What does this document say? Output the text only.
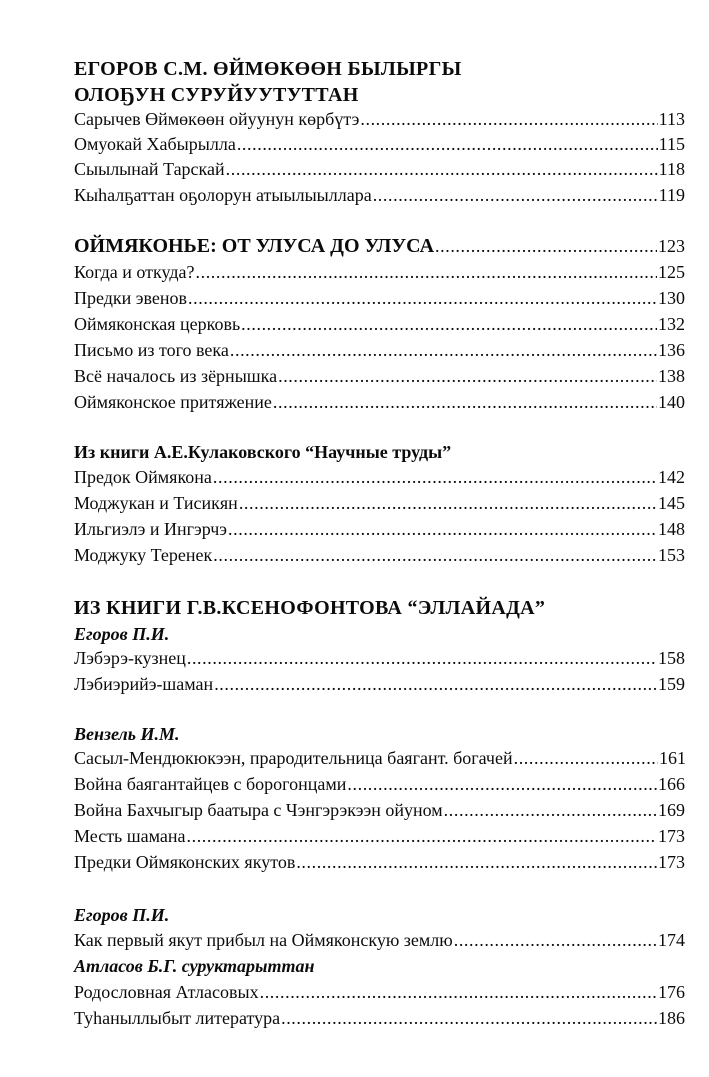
ЕГОРОВ С.М. ӨЙМӨКӨӨН БЫЛЫРГЫ
ОЛОҔУН СУРУЙУУТУТТАН
Сарычев Өймөкөөн ойуунун көрбүтэ .....	113
Омуокай Хабырылла .....	115
Сыылынай Тарскай .....	118
Кыhалҕаттан оҕолорун атыылыыллара .....	119
ОЙМЯКОНЬЕ: ОТ УЛУСА ДО УЛУСА .....	123
Когда и откуда? .....	125
Предки эвенов .....	130
Оймяконская церковь .....	132
Письмо из того века .....	136
Всё началось из зёрнышка .....	138
Оймяконское притяжение .....	140
Из книги А.Е.Кулаковского “Научные труды”
Предок Оймякона .....	142
Моджукан и Тисикян .....	145
Ильгиэлэ и Ингэрчэ .....	148
Моджуку Теренек .....	153
ИЗ КНИГИ Г.В.КСЕНОФОНТОВА “ЭЛЛАЙАДА”
Егоров П.И.
Лэбэрэ-кузнец .....	158
Лэбиэрийэ-шаман .....	159
Вензель И.М.
Сасыл-Мендюкюкээн, прародительница баягант. богачей .....	161
Война баягантайцев с борогонцами .....	166
Война Бахчыгыр баатыра с Чэнгэрэкээн ойуном .....	169
Месть шамана .....	173
Предки Оймяконских якутов .....	173
Егоров П.И.
Как первый якут прибыл на Оймяконскую землю .....	174
Атласов Б.Г. суруктарыттан
Родословная Атласовых .....	176
Туhаныллыбыт литература .....	186
